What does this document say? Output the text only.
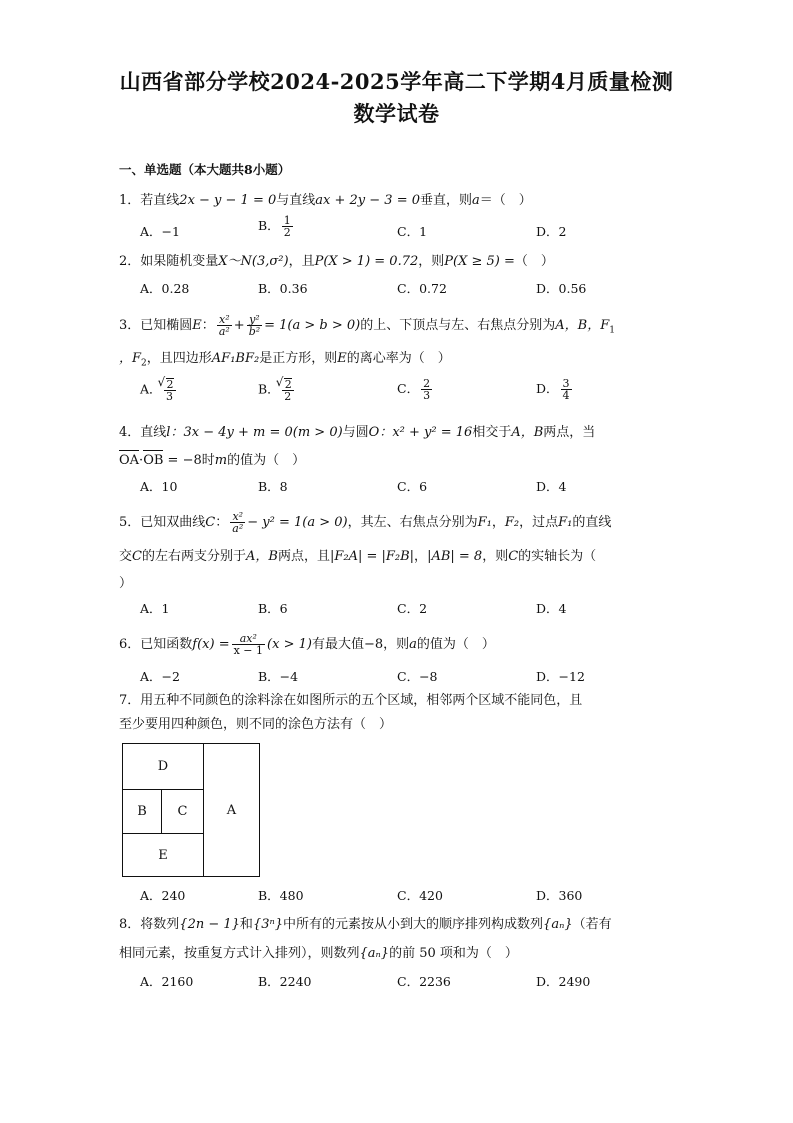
山西省部分学校2024-2025学年高二下学期4月质量检测
数学试卷
一、单选题（本大题共8小题）
1．若直线2x − y − 1 = 0与直线ax + 2y − 3 = 0垂直，则a＝（　）
A．−1	B． $\frac{1}{2}$	C．1	D．2
2．如果随机变量X～N(3,σ²)，且P(X > 1) = 0.72，则P(X ≥ 5) =（　）
A．0.28	B．0.36	C．0.72	D．0.56
3．已知椭圆E： $\frac{\text{x²}}{\text{a²}} + \frac{\text{y²}}{\text{b²}} = 1(a > b > 0)$的上、下顶点与左、右焦点分别为A，B，$F_1$
，$F_2$，且四边形AF₁BF₂是正方形，则E的离心率为（　）
A． √ $\frac{2}{3}$	B． √ $\frac{2}{2}$	C． $\frac{2}{3}$	D． $\frac{3}{4}$
4．直线l：3x − 4y + m = 0(m > 0)与圆O：x² + y² = 16相交于A，B两点，当
OA·OB = −8时m的值为（　）
A．10	B．8	C．6	D．4
5．已知双曲线C： $\frac{\text{x²}}{\text{a²}} - y^2 = 1(a > 0)$，其左、右焦点分别为F₁，F₂，过点F₁的直线
交C的左右两支分别于A，B两点，且|F₂A| = |F₂B|，|AB| = 8，则C的实轴长为（
）
A．1	B．6	C．2	D．4
6．已知函数$f(x) = \frac{\text{ax²}}{x - 1} (x > 1)$有最大值−8，则a的值为（　）
A．−2	B．−4	C．−8	D．−12
7．用五种不同颜色的涂料涂在如图所示的五个区域，相邻两个区域不能同色，且
至少要用四种颜色，则不同的涂色方法有（　）
D
B	C
E
A
A．240	B．480	C．420	D．360
8．将数列{2n − 1}和{3ⁿ}中所有的元素按从小到大的顺序排列构成数列{aₙ}（若有
相同元素，按重复方式计入排列），则数列{aₙ}的前 50 项和为（　）
A．2160	B．2240	C．2236	D．2490
